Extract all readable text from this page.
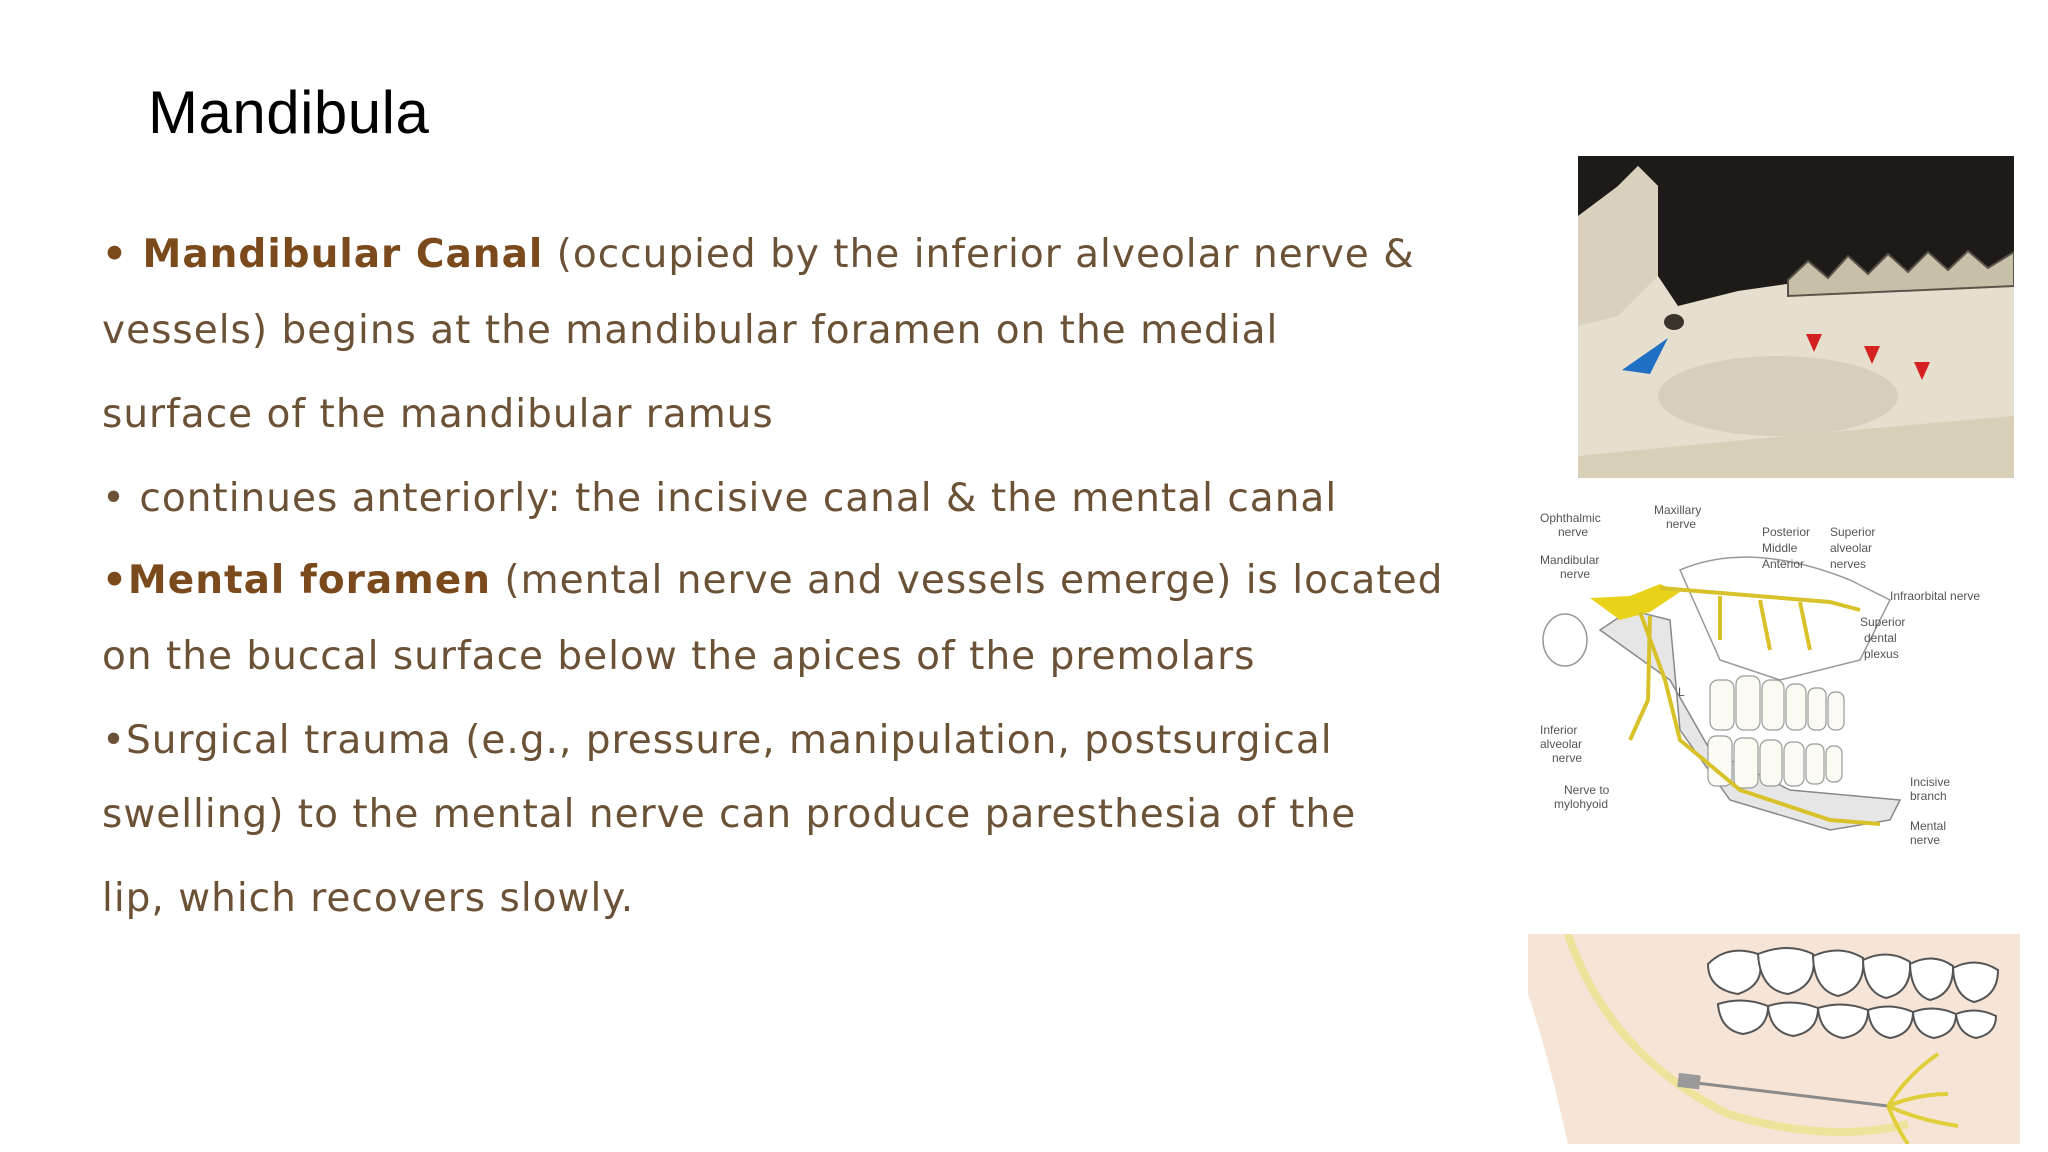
Mandibula
• Mandibular Canal (occupied by the inferior alveolar nerve &
vessels) begins at the mandibular foramen on the medial
surface of the mandibular ramus
• continues anteriorly: the incisive canal & the mental canal
•Mental foramen (mental nerve and vessels emerge) is located
on the buccal surface below the apices of the premolars
•Surgical trauma (e.g., pressure, manipulation, postsurgical
swelling) to the mental nerve can produce paresthesia of the
lip, which recovers slowly.
Ophthalmic
nerve
Maxillary
nerve
Mandibular
nerve
Posterior
Middle
Anterior
Superior
alveolar
nerves
Infraorbital nerve
Superior
dental
plexus
Inferior
alveolar
nerve
Nerve to
mylohyoid
Incisive
branch
Mental
nerve
L
